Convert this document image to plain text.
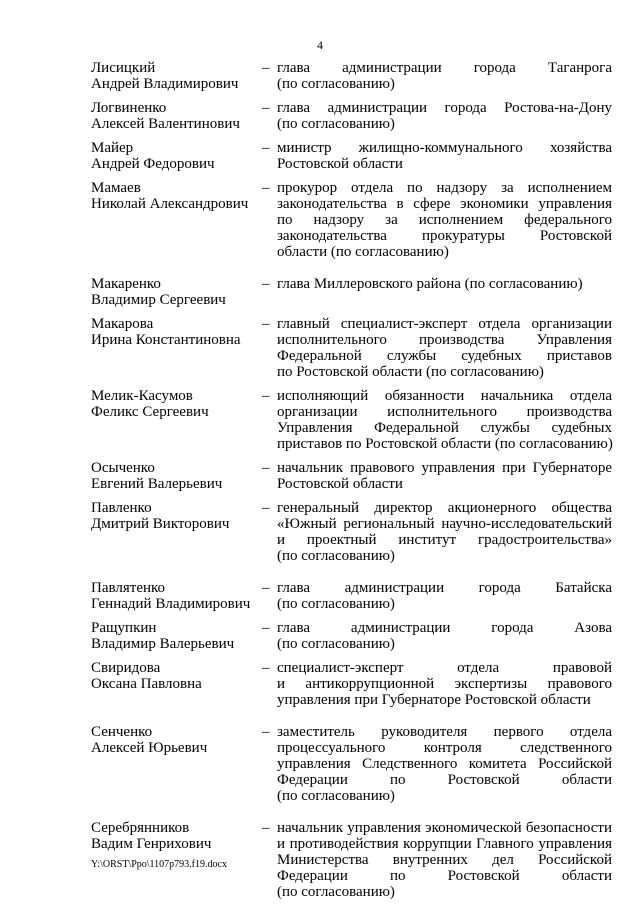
4
Лисицкий
Андрей Владимирович
– глава администрации города Таганрога
(по согласованию)
Логвиненко
Алексей Валентинович
– глава администрации города Ростова-на-Дону
(по согласованию)
Майер
Андрей Федорович
– министр жилищно-коммунального хозяйства
Ростовской области
Мамаев
Николай Александрович
– прокурор отдела по надзору за исполнением
законодательства в сфере экономики управления
по надзору за исполнением федерального
законодательства прокуратуры Ростовской
области (по согласованию)
Макаренко
Владимир Сергеевич
– глава Миллеровского района (по согласованию)
Макарова
Ирина Константиновна
– главный специалист-эксперт отдела организации
исполнительного производства Управления
Федеральной службы судебных приставов
по Ростовской области (по согласованию)
Мелик-Касумов
Феликс Сергеевич
– исполняющий обязанности начальника отдела
организации исполнительного производства
Управления Федеральной службы судебных
приставов по Ростовской области (по согласованию)
Осыченко
Евгений Валерьевич
– начальник правового управления при Губернаторе
Ростовской области
Павленко
Дмитрий Викторович
– генеральный директор акционерного общества
«Южный региональный научно-исследовательский
и проектный институт градостроительства»
(по согласованию)
Павлятенко
Геннадий Владимирович
– глава администрации города Батайска
(по согласованию)
Ращупкин
Владимир Валерьевич
– глава администрации города Азова
(по согласованию)
Свиридова
Оксана Павловна
– специалист-эксперт отдела правовой
и антикоррупционной экспертизы правового
управления при Губернаторе Ростовской области
Сенченко
Алексей Юрьевич
– заместитель руководителя первого отдела
процессуального контроля следственного
управления Следственного комитета Российской
Федерации по Ростовской области
(по согласованию)
Серебрянников
Вадим Генрихович
– начальник управления экономической безопасности
и противодействия коррупции Главного управления
Министерства внутренних дел Российской
Федерации по Ростовской области
(по согласованию)
Y:\ORST\Ppo\1107p793.f19.docx
